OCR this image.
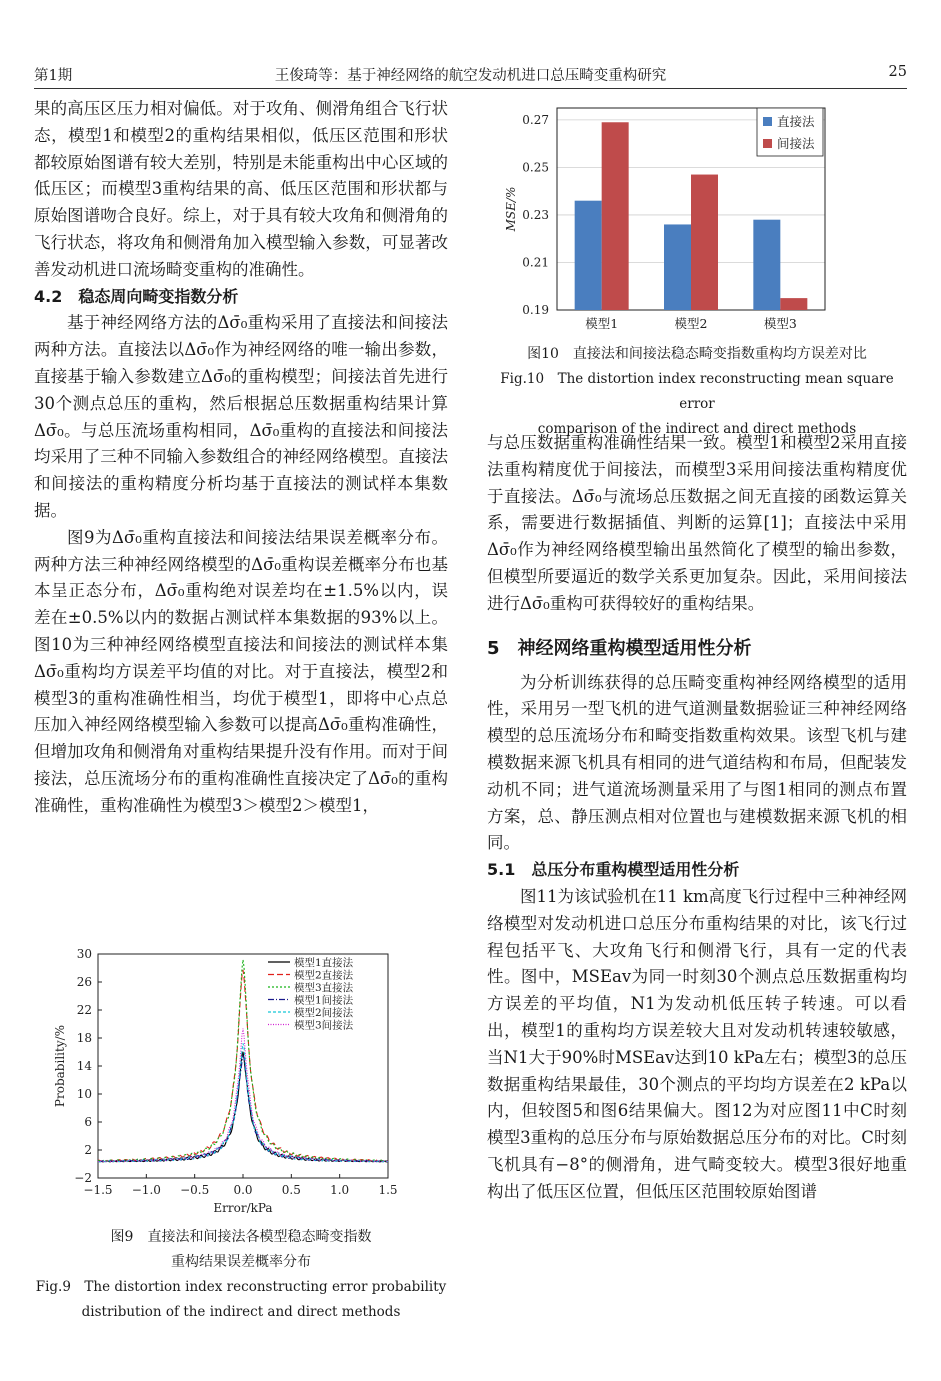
第1期	王俊琦等：基于神经网络的航空发动机进口总压畸变重构研究	25

果的高压区压力相对偏低。对于攻角、侧滑角组合飞行状态，模型1和模型2的重构结果相似，低压区范围和形状都较原始图谱有较大差别，特别是未能重构出中心区域的低压区；而模型3重构结果的高、低压区范围和形状都与原始图谱吻合良好。综上，对于具有较大攻角和侧滑角的飞行状态，将攻角和侧滑角加入模型输入参数，可显著改善发动机进口流场畸变重构的准确性。

4.2　稳态周向畸变指数分析

基于神经网络方法的Δσ̄₀重构采用了直接法和间接法两种方法。直接法以Δσ̄₀作为神经网络的唯一输出参数，直接基于输入参数建立Δσ̄₀的重构模型；间接法首先进行30个测点总压的重构，然后根据总压数据重构结果计算Δσ̄₀。与总压流场重构相同，Δσ̄₀重构的直接法和间接法均采用了三种不同输入参数组合的神经网络模型。直接法和间接法的重构精度分析均基于直接法的测试样本集数据。

图9为Δσ̄₀重构直接法和间接法结果误差概率分布。两种方法三种神经网络模型的Δσ̄₀重构误差概率分布也基本呈正态分布，Δσ̄₀重构绝对误差均在±1.5%以内，误差在±0.5%以内的数据占测试样本集数据的93%以上。图10为三种神经网络模型直接法和间接法的测试样本集Δσ̄₀重构均方误差平均值的对比。对于直接法，模型2和模型3的重构准确性相当，均优于模型1，即将中心点总压加入神经网络模型输入参数可以提高Δσ̄₀重构准确性，但增加攻角和侧滑角对重构结果提升没有作用。而对于间接法，总压流场分布的重构准确性直接决定了Δσ̄₀的重构准确性，重构准确性为模型3＞模型2＞模型1，

−2
2
6
10
14
18
22
26
30
−1.5 −1.0 −0.5 0.0 0.5 1.0 1.5
Error/kPa
Probability/%
模型1直接法
模型2直接法
模型3直接法
模型1间接法
模型2间接法
模型3间接法
图9　直接法和间接法各模型稳态畸变指数
重构结果误差概率分布
Fig.9　The distortion index reconstructing error probability
distribution of the indirect and direct methods
0.19
0.21
0.23
0.25
0.27
模型1	模型2	模型3
MSE/%
直接法
间接法
图10　直接法和间接法稳态畸变指数重构均方误差对比
Fig.10　The distortion index reconstructing mean square error
comparison of the indirect and direct methods

与总压数据重构准确性结果一致。模型1和模型2采用直接法重构精度优于间接法，而模型3采用间接法重构精度优于直接法。Δσ̄₀与流场总压数据之间无直接的函数运算关系，需要进行数据插值、判断的运算[1]；直接法中采用Δσ̄₀作为神经网络模型输出虽然简化了模型的输出参数，但模型所要逼近的数学关系更加复杂。因此，采用间接法进行Δσ̄₀重构可获得较好的重构结果。

5　神经网络重构模型适用性分析

为分析训练获得的总压畸变重构神经网络模型的适用性，采用另一型飞机的进气道测量数据验证三种神经网络模型的总压流场分布和畸变指数重构效果。该型飞机与建模数据来源飞机具有相同的进气道结构和布局，但配装发动机不同；进气道流场测量采用了与图1相同的测点布置方案，总、静压测点相对位置也与建模数据来源飞机的相同。

5.1　总压分布重构模型适用性分析

图11为该试验机在11 km高度飞行过程中三种神经网络模型对发动机进口总压分布重构结果的对比，该飞行过程包括平飞、大攻角飞行和侧滑飞行，具有一定的代表性。图中，MSEav为同一时刻30个测点总压数据重构均方误差的平均值，N1为发动机低压转子转速。可以看出，模型1的重构均方误差较大且对发动机转速较敏感，当N1大于90%时MSEav达到10 kPa左右；模型3的总压数据重构结果最佳，30个测点的平均均方误差在2 kPa以内，但较图5和图6结果偏大。图12为对应图11中C时刻模型3重构的总压分布与原始数据总压分布的对比。C时刻飞机具有−8°的侧滑角，进气畸变较大。模型3很好地重构出了低压区位置，但低压区范围较原始图谱
